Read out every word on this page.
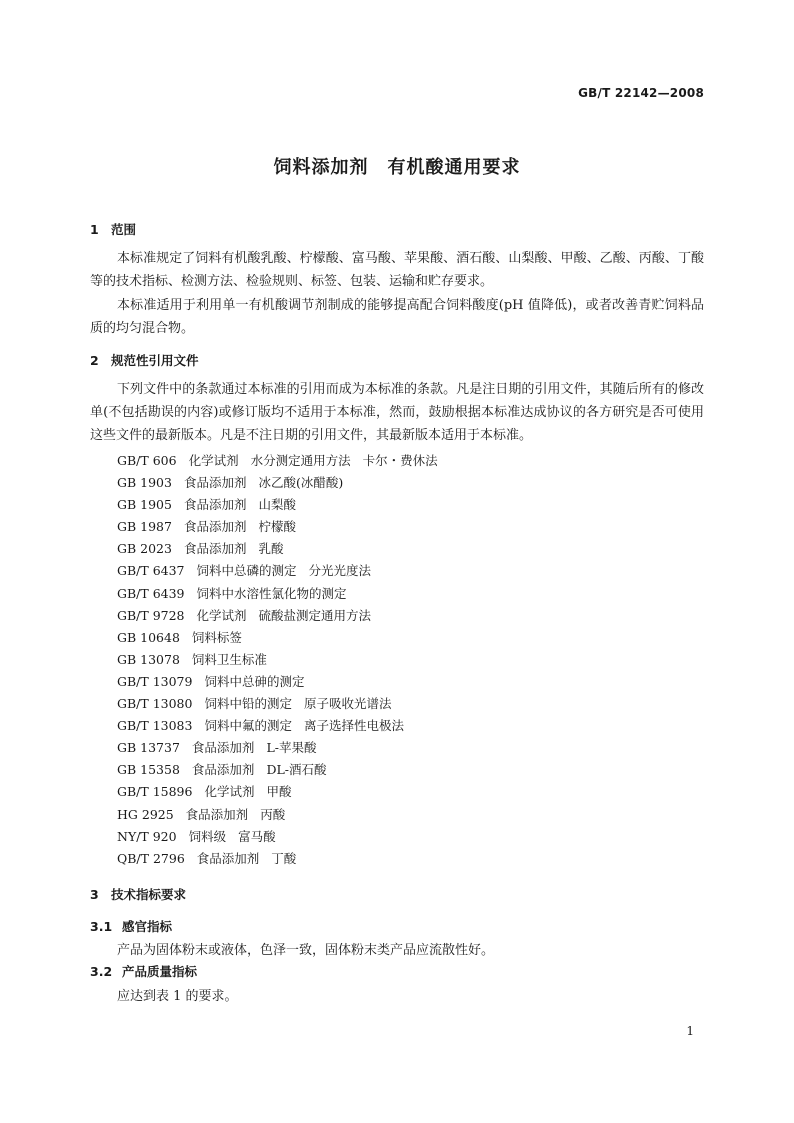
GB/T 22142—2008
饲料添加剂　有机酸通用要求
1 范围
本标准规定了饲料有机酸乳酸、柠檬酸、富马酸、苹果酸、酒石酸、山梨酸、甲酸、乙酸、丙酸、丁酸等的技术指标、检测方法、检验规则、标签、包装、运输和贮存要求。
本标准适用于利用单一有机酸调节剂制成的能够提高配合饲料酸度(pH 值降低)，或者改善青贮饲料品质的均匀混合物。
2 规范性引用文件
下列文件中的条款通过本标准的引用而成为本标准的条款。凡是注日期的引用文件，其随后所有的修改单(不包括勘误的内容)或修订版均不适用于本标准，然而，鼓励根据本标准达成协议的各方研究是否可使用这些文件的最新版本。凡是不注日期的引用文件，其最新版本适用于本标准。
GB/T 606 化学试剂 水分测定通用方法 卡尔・费休法
GB 1903 食品添加剂 冰乙酸(冰醋酸)
GB 1905 食品添加剂 山梨酸
GB 1987 食品添加剂 柠檬酸
GB 2023 食品添加剂 乳酸
GB/T 6437 饲料中总磷的测定 分光光度法
GB/T 6439 饲料中水溶性氯化物的测定
GB/T 9728 化学试剂 硫酸盐测定通用方法
GB 10648 饲料标签
GB 13078 饲料卫生标准
GB/T 13079 饲料中总砷的测定
GB/T 13080 饲料中铅的测定 原子吸收光谱法
GB/T 13083 饲料中氟的测定 离子选择性电极法
GB 13737 食品添加剂 L-苹果酸
GB 15358 食品添加剂 DL-酒石酸
GB/T 15896 化学试剂 甲酸
HG 2925 食品添加剂 丙酸
NY/T 920 饲料级 富马酸
QB/T 2796 食品添加剂 丁酸
3 技术指标要求
3.1 感官指标
产品为固体粉末或液体，色泽一致，固体粉末类产品应流散性好。
3.2 产品质量指标
应达到表 1 的要求。
1
